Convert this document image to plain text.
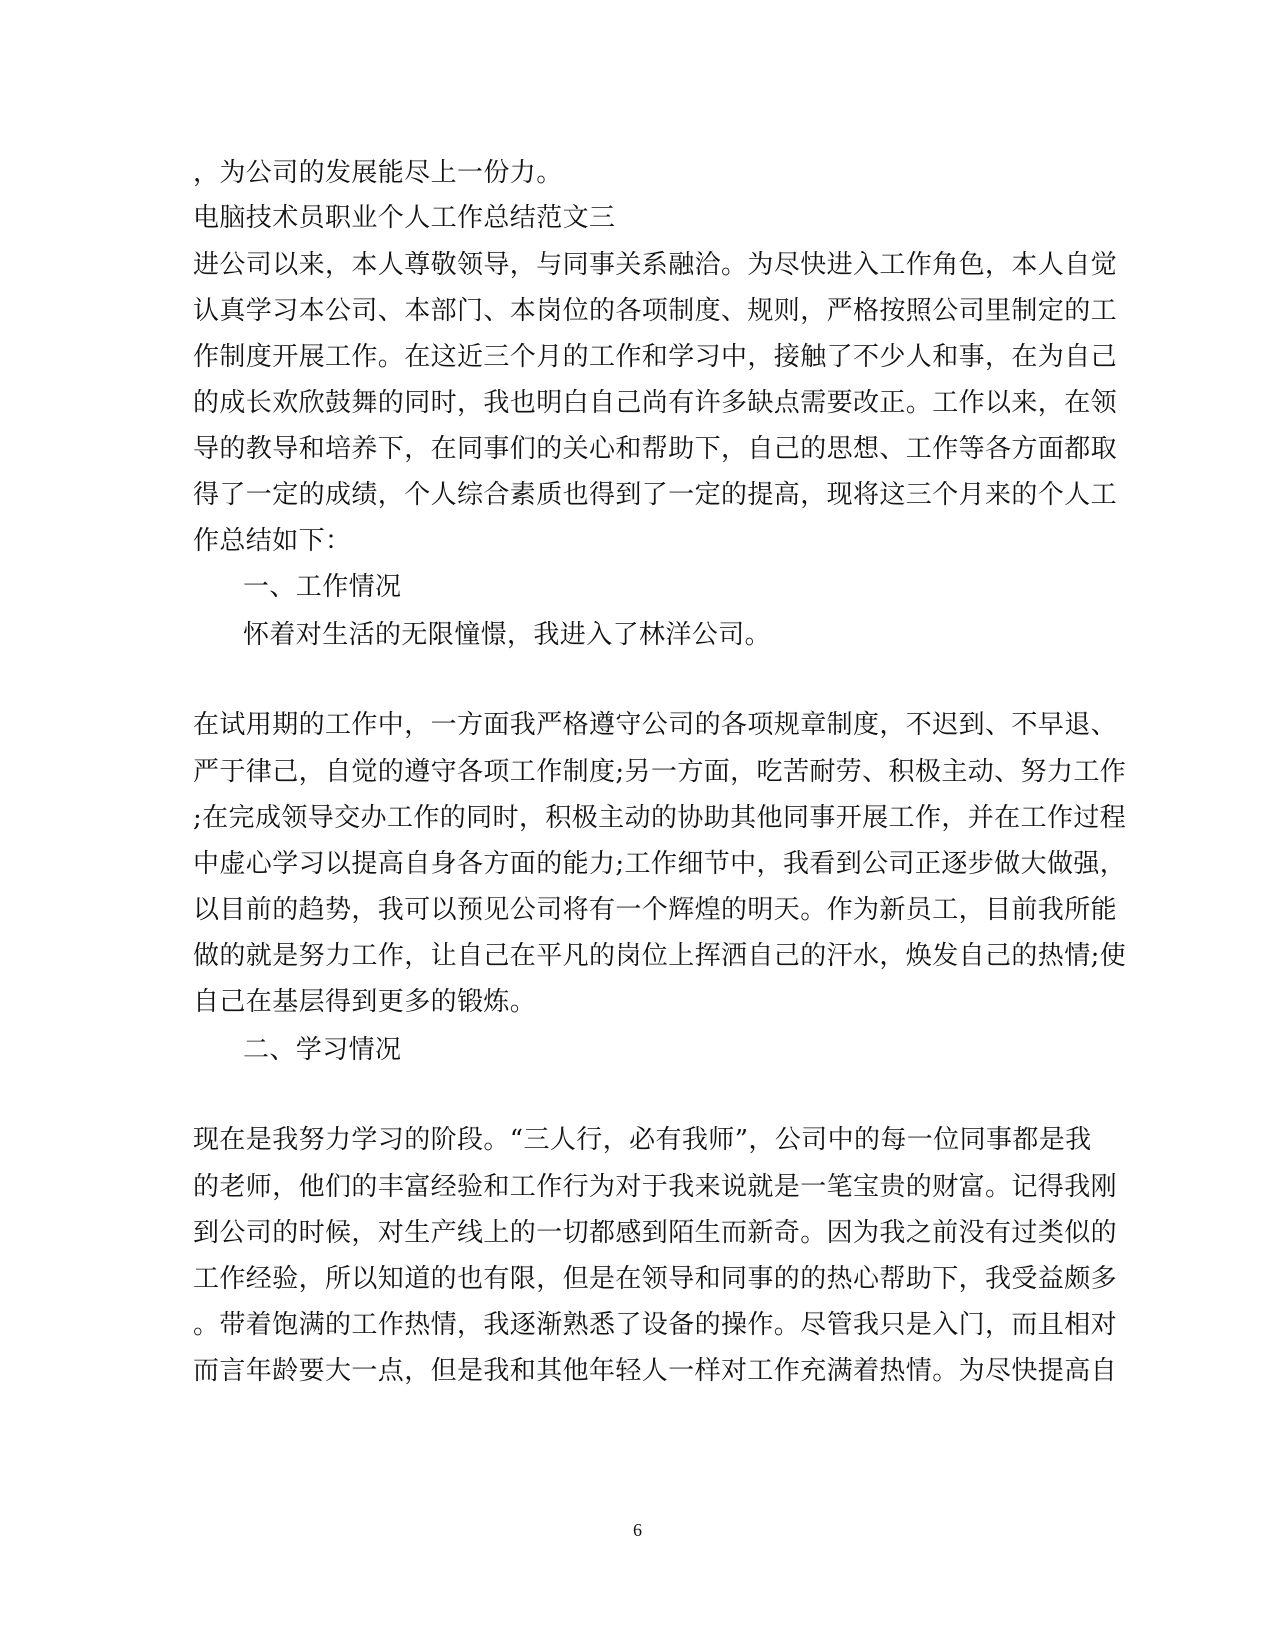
，为公司的发展能尽上一份力。
电脑技术员职业个人工作总结范文三
进公司以来，本人尊敬领导，与同事关系融洽。为尽快进入工作角色，本人自觉
认真学习本公司、本部门、本岗位的各项制度、规则，严格按照公司里制定的工
作制度开展工作。在这近三个月的工作和学习中，接触了不少人和事，在为自己
的成长欢欣鼓舞的同时，我也明白自己尚有许多缺点需要改正。工作以来，在领
导的教导和培养下，在同事们的关心和帮助下，自己的思想、工作等各方面都取
得了一定的成绩，个人综合素质也得到了一定的提高，现将这三个月来的个人工
作总结如下：
一、工作情况
怀着对生活的无限憧憬，我进入了林洋公司。
在试用期的工作中，一方面我严格遵守公司的各项规章制度，不迟到、不早退、
严于律己，自觉的遵守各项工作制度;另一方面，吃苦耐劳、积极主动、努力工作
;在完成领导交办工作的同时，积极主动的协助其他同事开展工作，并在工作过程
中虚心学习以提高自身各方面的能力;工作细节中，我看到公司正逐步做大做强，
以目前的趋势，我可以预见公司将有一个辉煌的明天。作为新员工，目前我所能
做的就是努力工作，让自己在平凡的岗位上挥洒自己的汗水，焕发自己的热情;使
自己在基层得到更多的锻炼。
二、学习情况
现在是我努力学习的阶段。“三人行，必有我师”，公司中的每一位同事都是我
的老师，他们的丰富经验和工作行为对于我来说就是一笔宝贵的财富。记得我刚
到公司的时候，对生产线上的一切都感到陌生而新奇。因为我之前没有过类似的
工作经验，所以知道的也有限，但是在领导和同事的的热心帮助下，我受益颇多
。带着饱满的工作热情，我逐渐熟悉了设备的操作。尽管我只是入门，而且相对
而言年龄要大一点，但是我和其他年轻人一样对工作充满着热情。为尽快提高自
6
